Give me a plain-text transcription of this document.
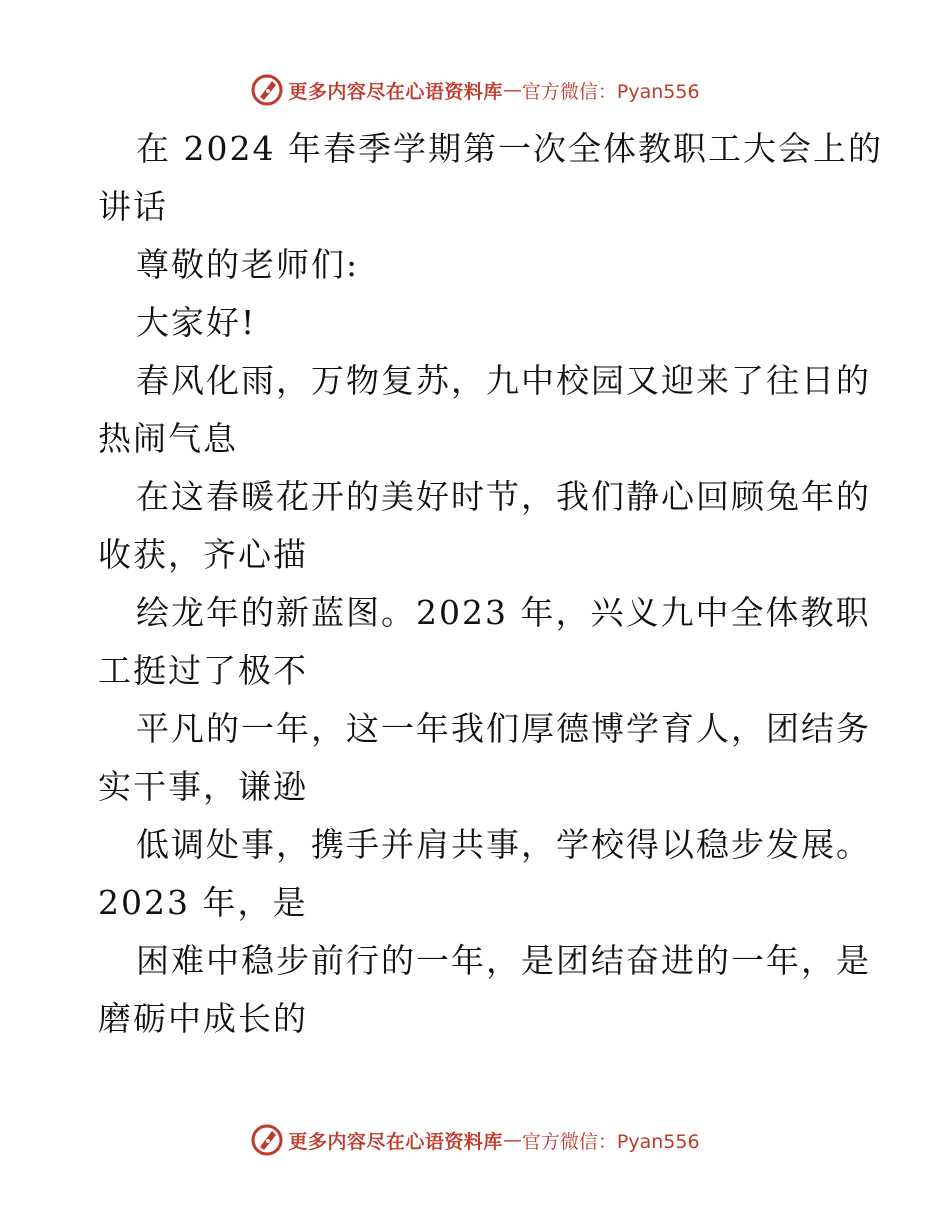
更多内容尽在心语资料库 — 官方微信：Pyan556

在 2024 年春季学期第一次全体教职工大会上的

讲话

尊敬的老师们:

大家好!

春风化雨，万物复苏，九中校园又迎来了往日的

热闹气息

在这春暖花开的美好时节，我们静心回顾兔年的

收获，齐心描

绘龙年的新蓝图。2023 年，兴义九中全体教职

工挺过了极不

平凡的一年，这一年我们厚德博学育人，团结务

实干事，谦逊

低调处事，携手并肩共事，学校得以稳步发展。

2023 年，是

困难中稳步前行的一年，是团结奋进的一年，是

磨砺中成长的

更多内容尽在心语资料库 — 官方微信：Pyan556
